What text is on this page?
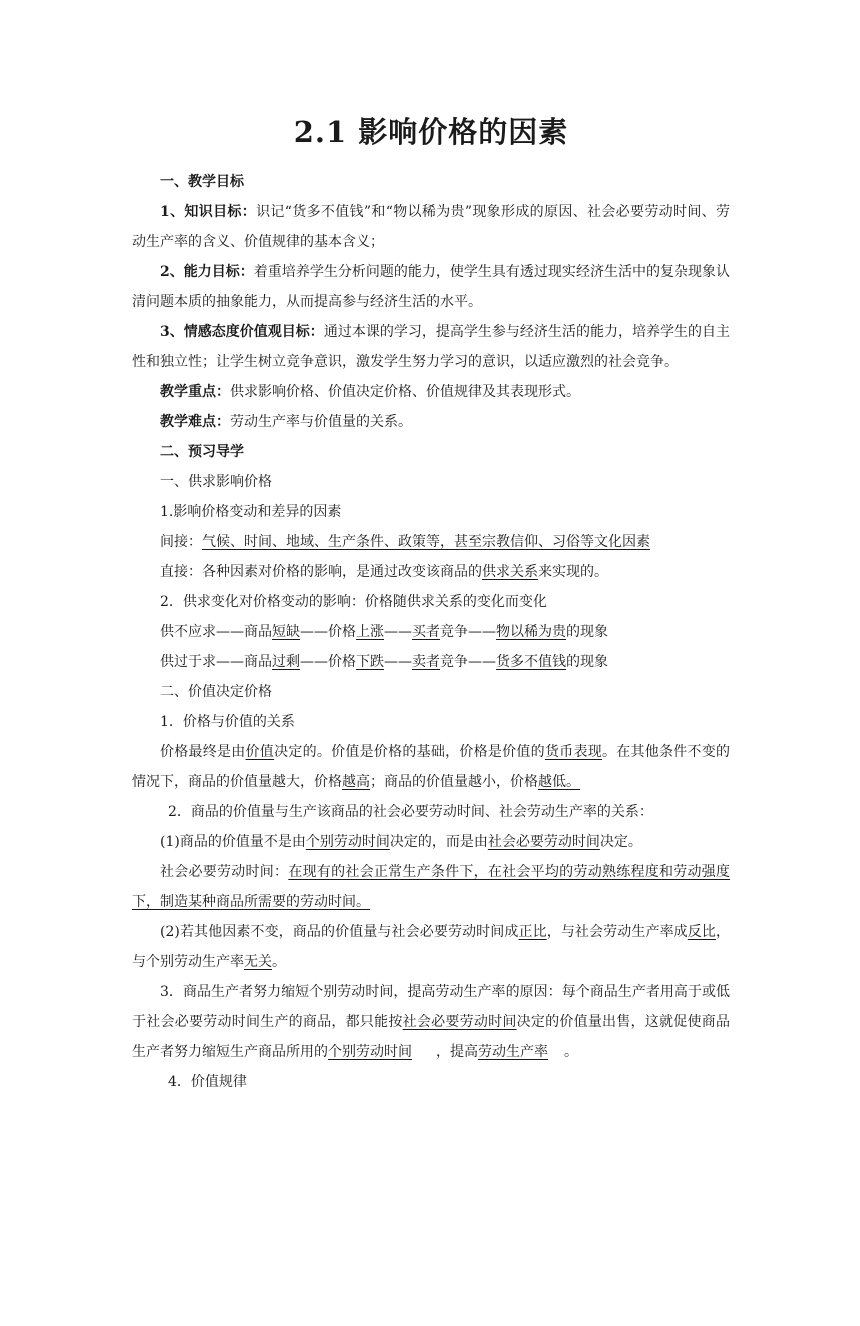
2.1 影响价格的因素

一、教学目标

1、知识目标：识记“货多不值钱”和“物以稀为贵”现象形成的原因、社会必要劳动时间、劳动生产率的含义、价值规律的基本含义；

2、能力目标：着重培养学生分析问题的能力，使学生具有透过现实经济生活中的复杂现象认清问题本质的抽象能力，从而提高参与经济生活的水平。

3、情感态度价值观目标：通过本课的学习，提高学生参与经济生活的能力，培养学生的自主性和独立性；让学生树立竞争意识，激发学生努力学习的意识，以适应激烈的社会竞争。

教学重点：供求影响价格、价值决定价格、价值规律及其表现形式。

教学难点：劳动生产率与价值量的关系。

二、预习导学

一、供求影响价格

1.影响价格变动和差异的因素

间接：气候、时间、地域、生产条件、政策等，甚至宗教信仰、习俗等文化因素

直接：各种因素对价格的影响，是通过改变该商品的供求关系来实现的。

2．供求变化对价格变动的影响：价格随供求关系的变化而变化

供不应求——商品短缺——价格上涨——买者竞争——物以稀为贵的现象

供过于求——商品过剩——价格下跌——卖者竞争——货多不值钱的现象

二、价值决定价格

1．价格与价值的关系

价格最终是由价值决定的。价值是价格的基础，价格是价值的货币表现。在其他条件不变的情况下，商品的价值量越大，价格越高；商品的价值量越小，价格越低。

2．商品的价值量与生产该商品的社会必要劳动时间、社会劳动生产率的关系：

(1)商品的价值量不是由个别劳动时间决定的，而是由社会必要劳动时间决定。

社会必要劳动时间：在现有的社会正常生产条件下，在社会平均的劳动熟练程度和劳动强度下，制造某种商品所需要的劳动时间。

(2)若其他因素不变，商品的价值量与社会必要劳动时间成正比，与社会劳动生产率成反比，与个别劳动生产率无关。

3．商品生产者努力缩短个别劳动时间，提高劳动生产率的原因：每个商品生产者用高于或低于社会必要劳动时间生产的商品，都只能按社会必要劳动时间决定的价值量出售，这就促使商品生产者努力缩短生产商品所用的个别劳动时间 ，提高劳动生产率 。

4．价值规律
